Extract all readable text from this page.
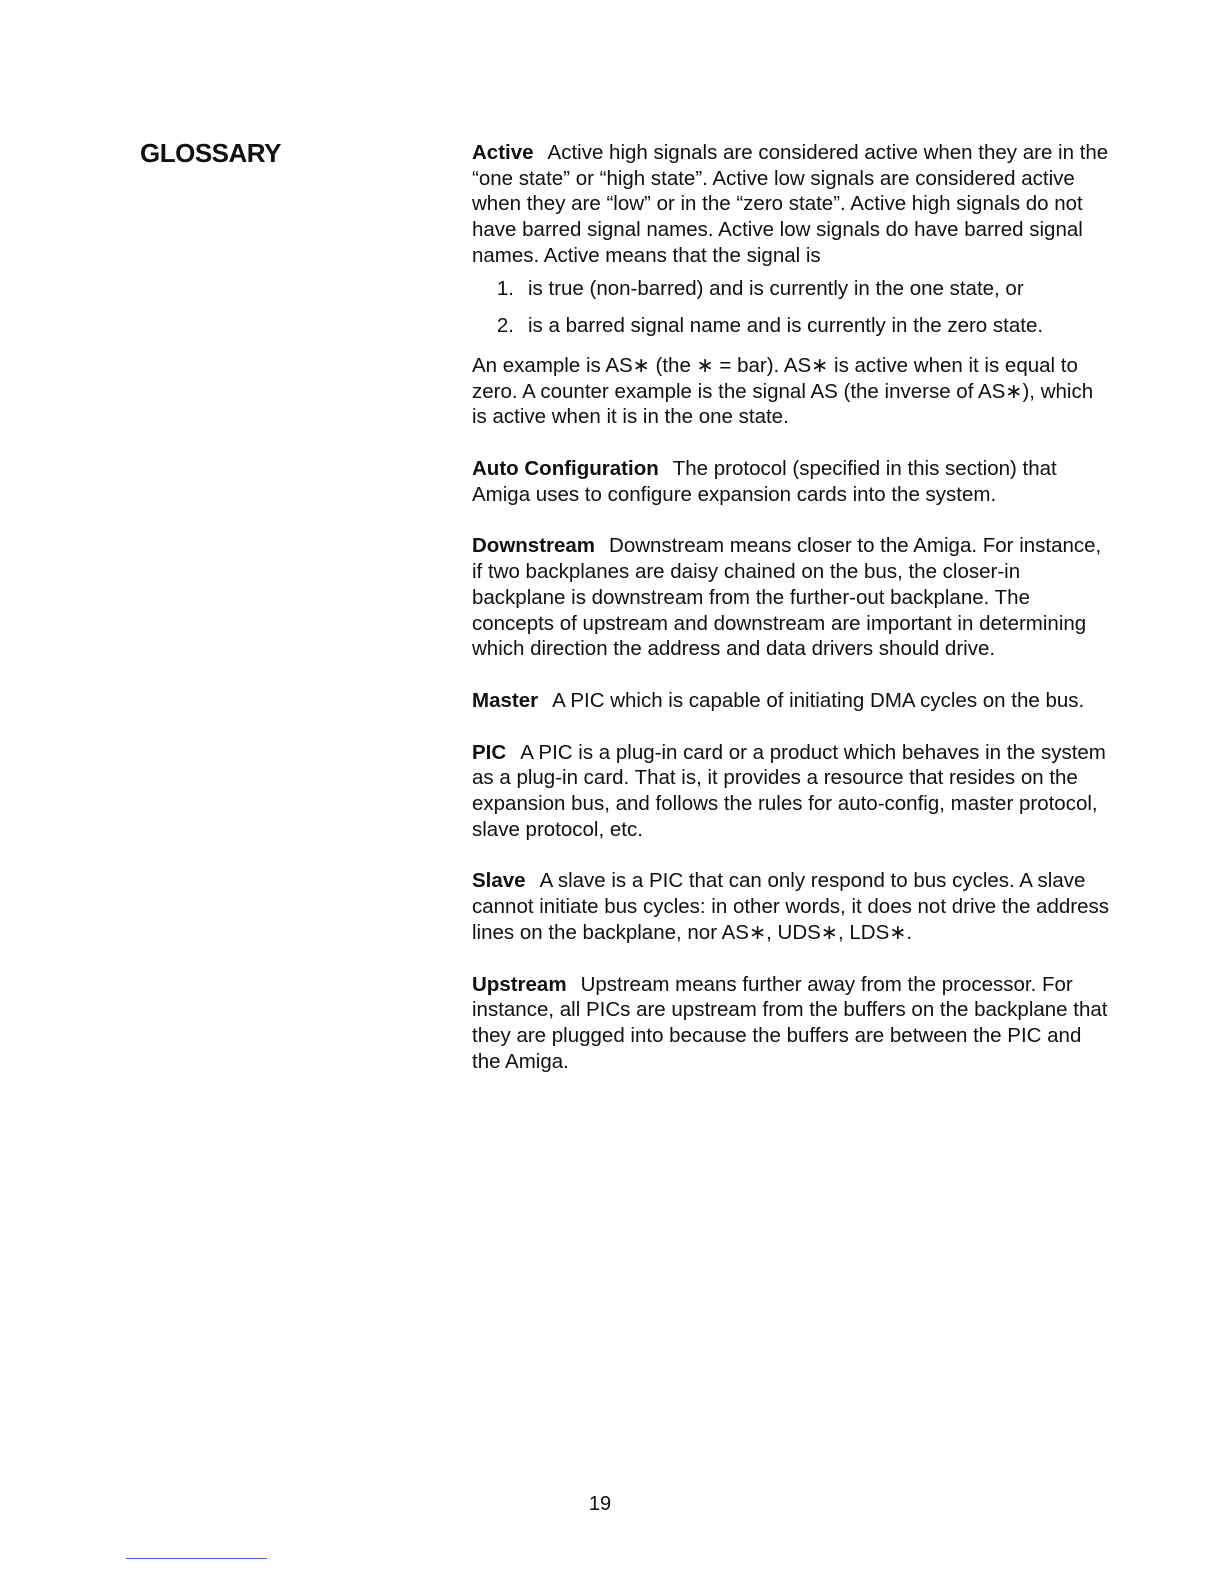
GLOSSARY	Active Active high signals are considered active when they are in the “one state” or “high state”. Active low signals are considered active when they are “low” or in the “zero state”. Active high signals do not have barred signal names. Active low signals do have barred signal names. Active means that the signal is

1. is true (non-barred) and is currently in the one state, or
2. is a barred signal name and is currently in the zero state.

An example is AS∗ (the ∗ = bar). AS∗ is active when it is equal to zero. A counter example is the signal AS (the inverse of AS∗), which is active when it is in the one state.

Auto Configuration The protocol (specified in this section) that Amiga uses to configure expansion cards into the system.

Downstream Downstream means closer to the Amiga. For instance, if two backplanes are daisy chained on the bus, the closer-in backplane is downstream from the further-out backplane. The concepts of upstream and downstream are important in determining which direction the address and data drivers should drive.

Master A PIC which is capable of initiating DMA cycles on the bus.

PIC A PIC is a plug-in card or a product which behaves in the system as a plug-in card. That is, it provides a resource that resides on the expansion bus, and follows the rules for auto-config, master protocol, slave protocol, etc.

Slave A slave is a PIC that can only respond to bus cycles. A slave cannot initiate bus cycles: in other words, it does not drive the address lines on the backplane, nor AS∗, UDS∗, LDS∗.

Upstream Upstream means further away from the processor. For instance, all PICs are upstream from the buffers on the backplane that they are plugged into because the buffers are between the PIC and the Amiga.

19
